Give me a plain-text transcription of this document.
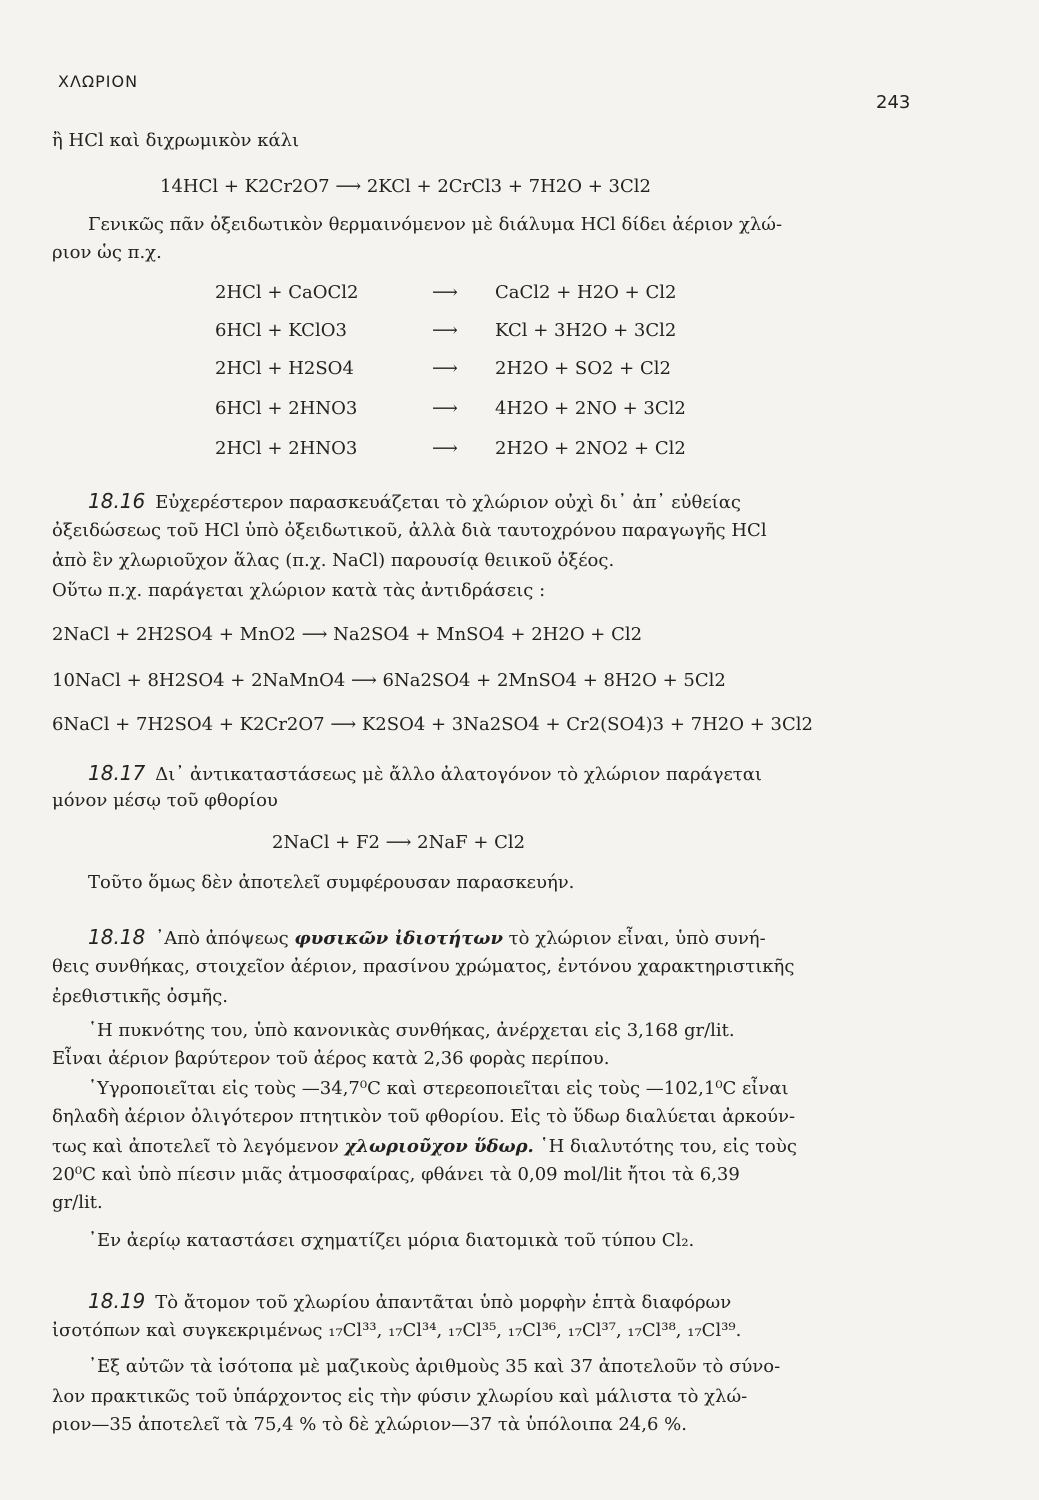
ΧΛΩΡΙΟΝ
243
ἢ HCl καὶ διχρωμικὸν κάλι
14HCl + K2Cr2O7 ⟶ 2KCl + 2CrCl3 + 7H2O + 3Cl2
Γενικῶς πᾶν ὀξειδωτικὸν θερμαινόμενον μὲ διάλυμα HCl δίδει ἀέριον χλώ-
ριον ὡς π.χ.
2HCl + CaOCl2	⟶ CaCl2 + H2O + Cl2
6HCl + KClO3	⟶ KCl + 3H2O + 3Cl2
2HCl + H2SO4	⟶ 2H2O + SO2 + Cl2
6HCl + 2HNO3	⟶ 4H2O + 2NO + 3Cl2
2HCl + 2HNO3	⟶ 2H2O + 2NO2 + Cl2
18.16 Εὐχερέστερον παρασκευάζεται τὸ χλώριον οὐχὶ δι᾿ ἀπ᾿ εὐθείας
ὀξειδώσεως τοῦ HCl ὑπὸ ὀξειδωτικοῦ, ἀλλὰ διὰ ταυτοχρόνου παραγωγῆς HCl
ἀπὸ ἓν χλωριοῦχον ἅλας (π.χ. NaCl) παρουσίᾳ θειικοῦ ὀξέος.
Οὕτω π.χ. παράγεται χλώριον κατὰ τὰς ἀντιδράσεις :
2NaCl + 2H2SO4 + MnO2 ⟶ Na2SO4 + MnSO4 + 2H2O + Cl2
10NaCl + 8H2SO4 + 2NaMnO4 ⟶ 6Na2SO4 + 2MnSO4 + 8H2O + 5Cl2
6NaCl + 7H2SO4 + K2Cr2O7 ⟶ K2SO4 + 3Na2SO4 + Cr2(SO4)3 + 7H2O + 3Cl2
18.17 Δι᾿ ἀντικαταστάσεως μὲ ἄλλο ἀλατογόνον τὸ χλώριον παράγεται
μόνον μέσῳ τοῦ φθορίου
2NaCl + F2 ⟶ 2NaF + Cl2
Τοῦτο ὅμως δὲν ἀποτελεῖ συμφέρουσαν παρασκευήν.
18.18 ᾿Απὸ ἀπόψεως φυσικῶν ἰδιοτήτων τὸ χλώριον εἶναι, ὑπὸ συνή-
θεις συνθήκας, στοιχεῖον ἀέριον, πρασίνου χρώματος, ἐντόνου χαρακτηριστικῆς
ἐρεθιστικῆς ὀσμῆς.
῾Η πυκνότης του, ὑπὸ κανονικὰς συνθήκας, ἀνέρχεται εἰς 3,168 gr/lit.
Εἶναι ἀέριον βαρύτερον τοῦ ἀέρος κατὰ 2,36 φορὰς περίπου.
῾Υγροποιεῖται εἰς τοὺς —34,7⁰C καὶ στερεοποιεῖται εἰς τοὺς —102,1⁰C εἶναι
δηλαδὴ ἀέριον ὀλιγότερον πτητικὸν τοῦ φθορίου. Εἰς τὸ ὕδωρ διαλύεται ἀρκούν-
τως καὶ ἀποτελεῖ τὸ λεγόμενον χλωριοῦχον ὕδωρ. ῾Η διαλυτότης του, εἰς τοὺς
20⁰C καὶ ὑπὸ πίεσιν μιᾶς ἀτμοσφαίρας, φθάνει τὰ 0,09 mol/lit ἤτοι τὰ 6,39
gr/lit.
᾿Εν ἀερίῳ καταστάσει σχηματίζει μόρια διατομικὰ τοῦ τύπου Cl₂.
18.19 Τὸ ἄτομον τοῦ χλωρίου ἀπαντᾶται ὑπὸ μορφὴν ἑπτὰ διαφόρων
ἰσοτόπων καὶ συγκεκριμένως ₁₇Cl³³, ₁₇Cl³⁴, ₁₇Cl³⁵, ₁₇Cl³⁶, ₁₇Cl³⁷, ₁₇Cl³⁸, ₁₇Cl³⁹.
᾿Εξ αὐτῶν τὰ ἰσότοπα μὲ μαζικοὺς ἀριθμοὺς 35 καὶ 37 ἀποτελοῦν τὸ σύνο-
λον πρακτικῶς τοῦ ὑπάρχοντος εἰς τὴν φύσιν χλωρίου καὶ μάλιστα τὸ χλώ-
ριον—35 ἀποτελεῖ τὰ 75,4 % τὸ δὲ χλώριον—37 τὰ ὑπόλοιπα 24,6 %.
